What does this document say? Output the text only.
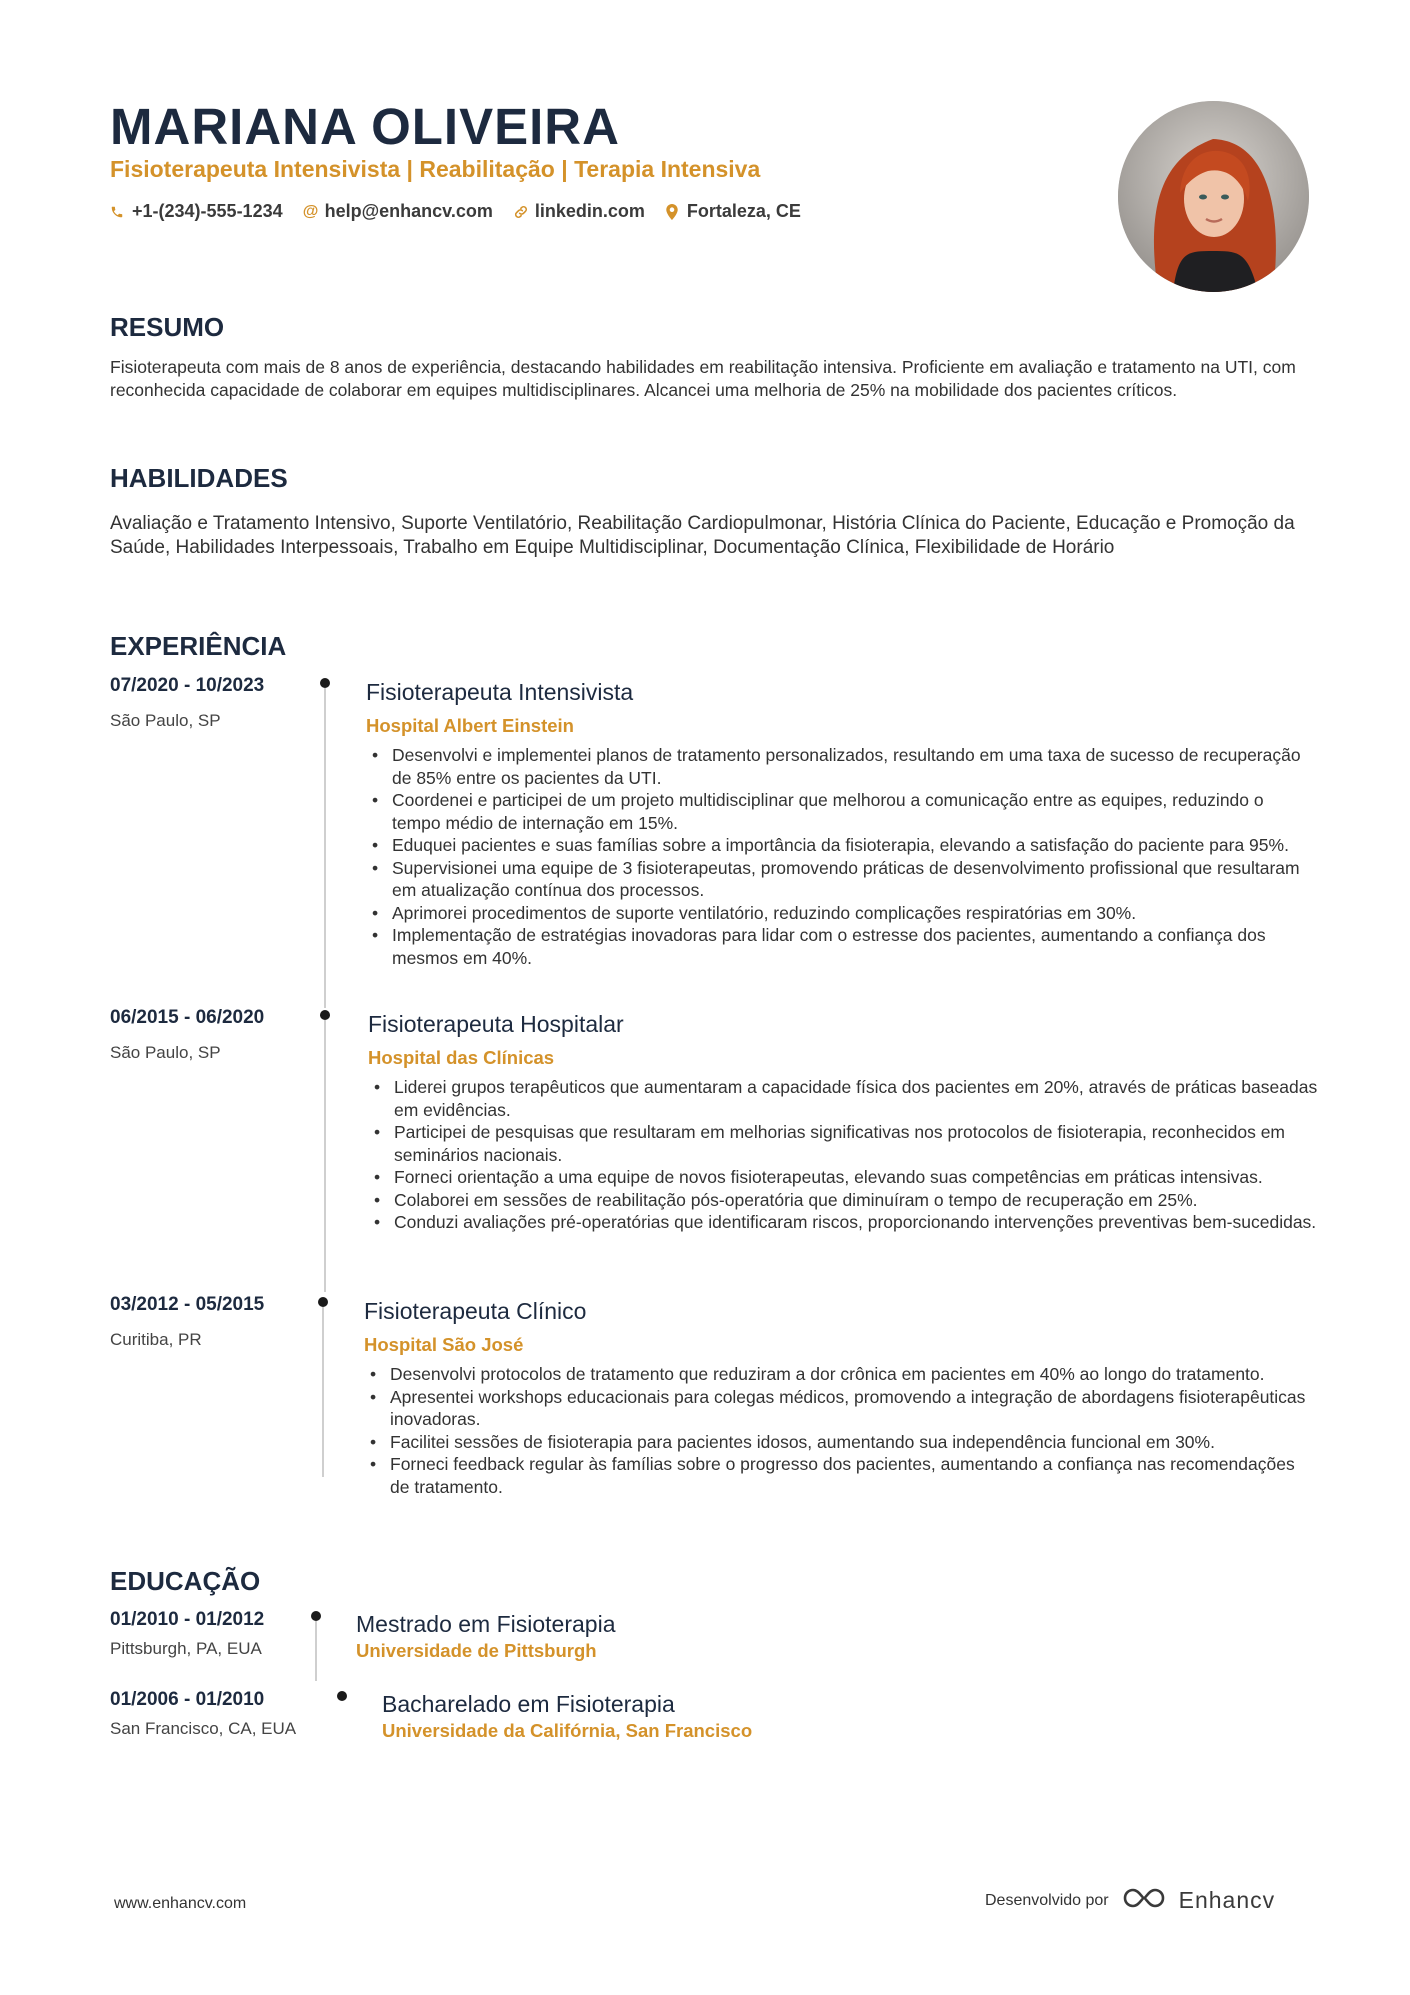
MARIANA OLIVEIRA
Fisioterapeuta Intensivista | Reabilitação | Terapia Intensiva
+1-(234)-555-1234 @ help@enhancv.com linkedin.com Fortaleza, CE
RESUMO
Fisioterapeuta com mais de 8 anos de experiência, destacando habilidades em reabilitação intensiva. Proficiente em avaliação e tratamento na UTI, com reconhecida capacidade de colaborar em equipes multidisciplinares. Alcancei uma melhoria de 25% na mobilidade dos pacientes críticos.
HABILIDADES
Avaliação e Tratamento Intensivo, Suporte Ventilatório, Reabilitação Cardiopulmonar, História Clínica do Paciente, Educação e Promoção da Saúde, Habilidades Interpessoais, Trabalho em Equipe Multidisciplinar, Documentação Clínica, Flexibilidade de Horário
EXPERIÊNCIA
07/2020 - 10/2023
São Paulo, SP
Fisioterapeuta Intensivista
Hospital Albert Einstein
• Desenvolvi e implementei planos de tratamento personalizados, resultando em uma taxa de sucesso de recuperação de 85% entre os pacientes da UTI.
• Coordenei e participei de um projeto multidisciplinar que melhorou a comunicação entre as equipes, reduzindo o tempo médio de internação em 15%.
• Eduquei pacientes e suas famílias sobre a importância da fisioterapia, elevando a satisfação do paciente para 95%.
• Supervisionei uma equipe de 3 fisioterapeutas, promovendo práticas de desenvolvimento profissional que resultaram em atualização contínua dos processos.
• Aprimorei procedimentos de suporte ventilatório, reduzindo complicações respiratórias em 30%.
• Implementação de estratégias inovadoras para lidar com o estresse dos pacientes, aumentando a confiança dos mesmos em 40%.
06/2015 - 06/2020
São Paulo, SP
Fisioterapeuta Hospitalar
Hospital das Clínicas
• Liderei grupos terapêuticos que aumentaram a capacidade física dos pacientes em 20%, através de práticas baseadas em evidências.
• Participei de pesquisas que resultaram em melhorias significativas nos protocolos de fisioterapia, reconhecidos em seminários nacionais.
• Forneci orientação a uma equipe de novos fisioterapeutas, elevando suas competências em práticas intensivas.
• Colaborei em sessões de reabilitação pós-operatória que diminuíram o tempo de recuperação em 25%.
• Conduzi avaliações pré-operatórias que identificaram riscos, proporcionando intervenções preventivas bem-sucedidas.
03/2012 - 05/2015
Curitiba, PR
Fisioterapeuta Clínico
Hospital São José
• Desenvolvi protocolos de tratamento que reduziram a dor crônica em pacientes em 40% ao longo do tratamento.
• Apresentei workshops educacionais para colegas médicos, promovendo a integração de abordagens fisioterapêuticas inovadoras.
• Facilitei sessões de fisioterapia para pacientes idosos, aumentando sua independência funcional em 30%.
• Forneci feedback regular às famílias sobre o progresso dos pacientes, aumentando a confiança nas recomendações de tratamento.
EDUCAÇÃO
01/2010 - 01/2012
Pittsburgh, PA, EUA
Mestrado em Fisioterapia
Universidade de Pittsburgh
01/2006 - 01/2010
San Francisco, CA, EUA
Bacharelado em Fisioterapia
Universidade da Califórnia, San Francisco
www.enhancv.com	Desenvolvido por	Enhancv
